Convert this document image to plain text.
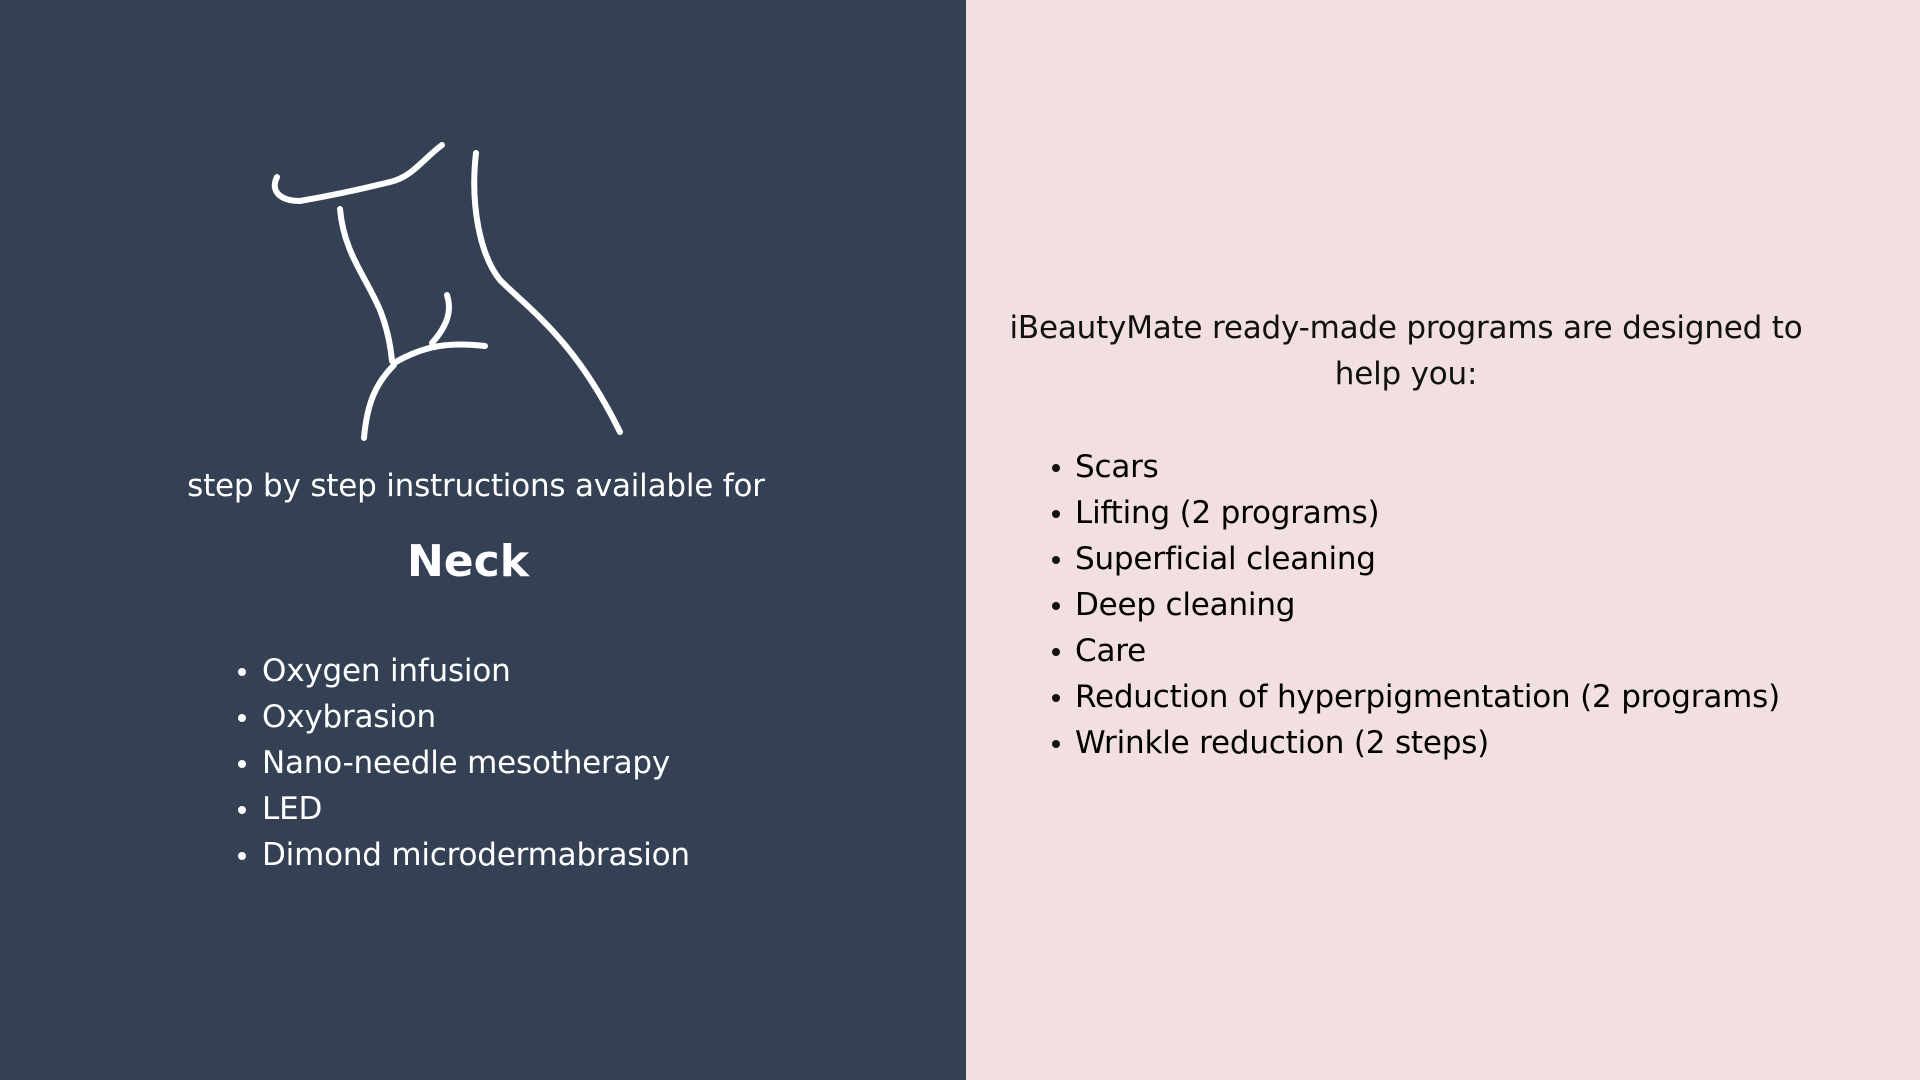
step by step instructions available for
Neck
Oxygen infusion
Oxybrasion
Nano-needle mesotherapy
LED
Dimond microdermabrasion
iBeautyMate ready-made programs are designed to help you:
Scars
Lifting (2 programs)
Superficial cleaning
Deep cleaning
Care
Reduction of hyperpigmentation (2 programs)
Wrinkle reduction (2 steps)
